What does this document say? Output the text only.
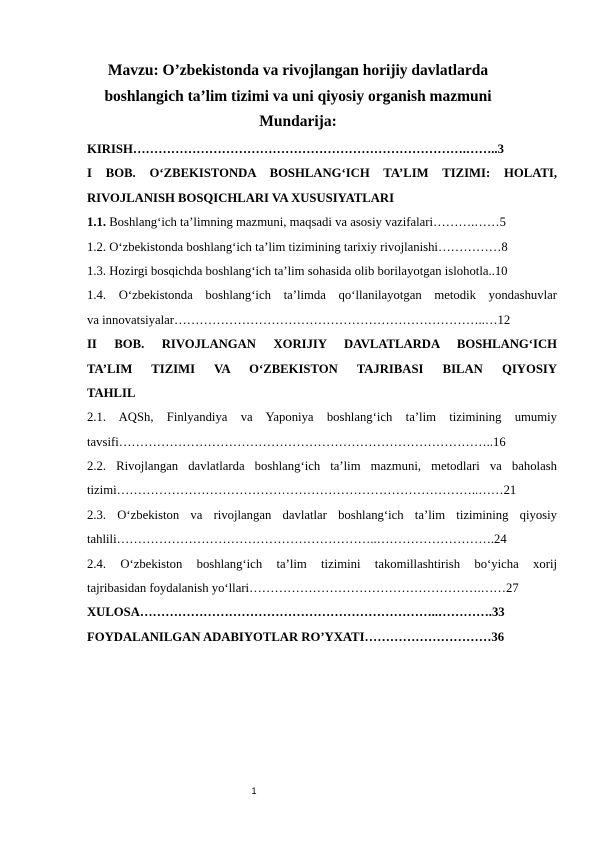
Mavzu: O’zbekistonda va rivojlangan horijiy davlatlarda
boshlangich ta’lim tizimi va uni qiyosiy organish mazmuni
Mundarija:
KIRISH…………………………………………………………………….……..3
I BOB. O‘ZBEKISTONDA BOSHLANG‘ICH TA’LIM TIZIMI: HOLATI,
RIVOJLANISH BOSQICHLARI VA XUSUSIYATLARI
1.1. Boshlang‘ich ta’limning mazmuni, maqsadi va asosiy vazifalari……….……5
1.2. O‘zbekistonda boshlang‘ich ta’lim tizimining tarixiy rivojlanishi……………8
1.3. Hozirgi bosqichda boshlang‘ich ta’lim sohasida olib borilayotgan islohotla..10
1.4. O‘zbekistonda boshlang‘ich ta’limda qo‘llanilayotgan metodik yondashuvlar
va innovatsiyalar………………………………………………………………..…12
II BOB. RIVOJLANGAN XORIJIY DAVLATLARDA BOSHLANG‘ICH
TA’LIM TIZIMI VA O‘ZBEKISTON TAJRIBASI BILAN QIYOSIY
TAHLIL
2.1. AQSh, Finlyandiya va Yaponiya boshlang‘ich ta’lim tizimining umumiy
tavsifi……………………………………………………………………………..16
2.2. Rivojlangan davlatlarda boshlang‘ich ta’lim mazmuni, metodlari va baholash
tizimi…………………………………………………………………………..……21
2.3. O‘zbekiston va rivojlangan davlatlar boshlang‘ich ta’lim tizimining qiyosiy
tahlili……………………………………………………..……………………….24
2.4. O‘zbekiston boshlang‘ich ta’lim tizimini takomillashtirish bo‘yicha xorij
tajribasidan foydalanish yo‘llari……………………………………………….……27
XULOSA……………………………………………………………..………….33
FOYDALANILGAN ADABIYOTLAR RO’YXATI…………………………36
1
